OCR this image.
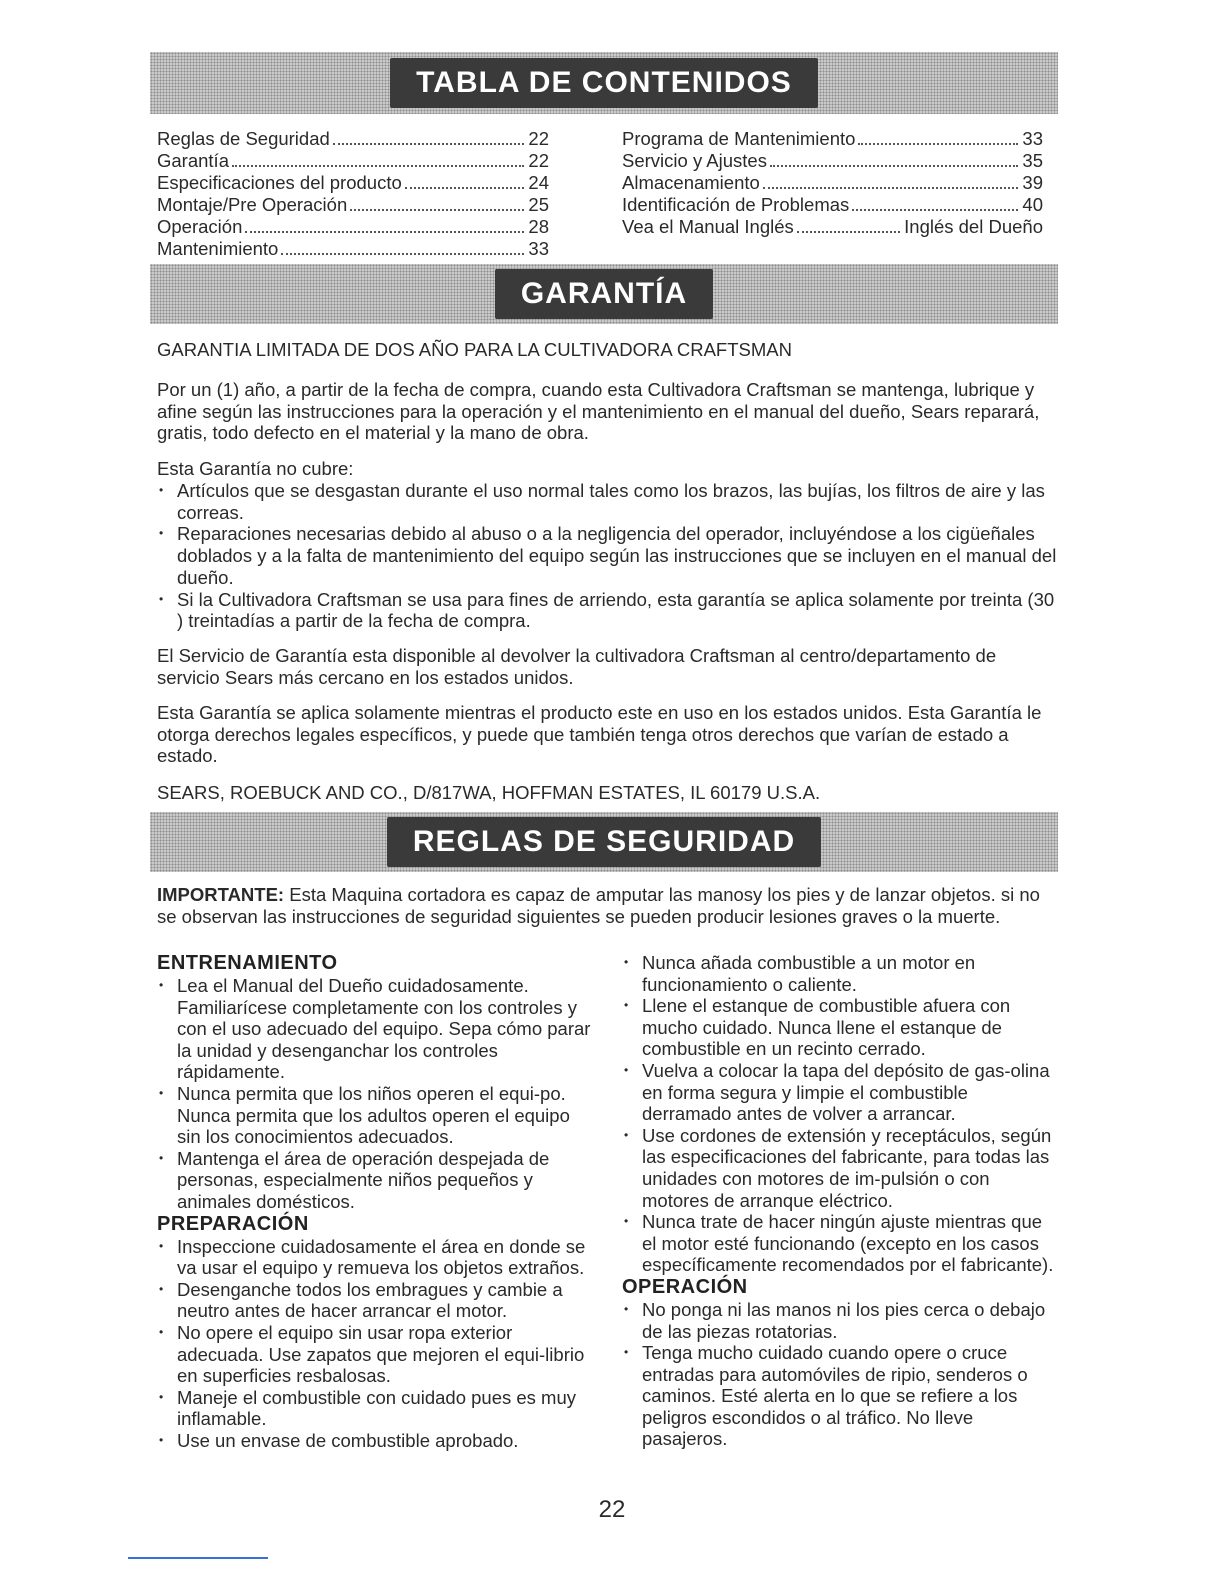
TABLA DE CONTENIDOS
Reglas de Seguridad	22
Garantía	22
Especificaciones del producto	24
Montaje/Pre Operación	25
Operación	28
Mantenimiento	33
Programa de Mantenimiento	33
Servicio y Ajustes	35
Almacenamiento	39
Identificación de Problemas	40
Vea el Manual Inglés	Inglés del Dueño
GARANTÍA

GARANTIA LIMITADA DE DOS AÑO PARA LA CULTIVADORA CRAFTSMAN

Por un (1) año, a partir de la fecha de compra, cuando esta Cultivadora Craftsman se mantenga, lubrique y afine según las instrucciones para la operación y el mantenimiento en el manual del dueño, Sears reparará, gratis, todo defecto en el material y la mano de obra.

Esta Garantía no cubre:

• Artículos que se desgastan durante el uso normal tales como los brazos, las bujías, los filtros de aire y las correas.
• Reparaciones necesarias debido al abuso o a la negligencia del operador, incluyéndose a los cigüeñales doblados y a la falta de mantenimiento del equipo según las instrucciones que se incluyen en el manual del dueño.
• Si la Cultivadora Craftsman se usa para fines de arriendo, esta garantía se aplica solamente por treinta (30 ) treintadías a partir de la fecha de compra.

El Servicio de Garantía esta disponible al devolver la cultivadora Craftsman al centro/departamento de servicio Sears más cercano en los estados unidos.

Esta Garantía se aplica solamente mientras el producto este en uso en los estados unidos. Esta Garantía le otorga derechos legales específicos, y puede que también tenga otros derechos que varían de estado a estado.

SEARS, ROEBUCK AND CO., D/817WA, HOFFMAN ESTATES, IL 60179 U.S.A.

REGLAS DE SEGURIDAD

IMPORTANTE: Esta Maquina cortadora es capaz de amputar las manosy los pies y de lanzar objetos. si no se observan las instrucciones de seguridad siguientes se pueden producir lesiones graves o la muerte.

ENTRENAMIENTO
• Lea el Manual del Dueño cuidadosamente. Familiarícese completamente con los controles y con el uso adecuado del equipo. Sepa cómo parar la unidad y desenganchar los controles rápidamente.
• Nunca permita que los niños operen el equi-po. Nunca permita que los adultos operen el equipo sin los conocimientos adecuados.
• Mantenga el área de operación despejada de personas, especialmente niños pequeños y animales domésticos.
PREPARACIÓN
• Inspeccione cuidadosamente el área en donde se va usar el equipo y remueva los objetos extraños.
• Desenganche todos los embragues y cambie a neutro antes de hacer arrancar el motor.
• No opere el equipo sin usar ropa exterior adecuada. Use zapatos que mejoren el equi-librio en superficies resbalosas.
• Maneje el combustible con cuidado pues es muy inflamable.
• Use un envase de combustible aprobado.
• Nunca añada combustible a un motor en funcionamiento o caliente.
• Llene el estanque de combustible afuera con mucho cuidado. Nunca llene el estanque de combustible en un recinto cerrado.
• Vuelva a colocar la tapa del depósito de gas-olina en forma segura y limpie el combustible derramado antes de volver a arrancar.
• Use cordones de extensión y receptáculos, según las especificaciones del fabricante, para todas las unidades con motores de im-pulsión o con motores de arranque eléctrico.
• Nunca trate de hacer ningún ajuste mientras que el motor esté funcionando (excepto en los casos específicamente recomendados por el fabricante).
OPERACIÓN
• No ponga ni las manos ni los pies cerca o debajo de las piezas rotatorias.
• Tenga mucho cuidado cuando opere o cruce entradas para automóviles de ripio, senderos o caminos. Esté alerta en lo que se refiere a los peligros escondidos o al tráfico. No lleve pasajeros.
22
